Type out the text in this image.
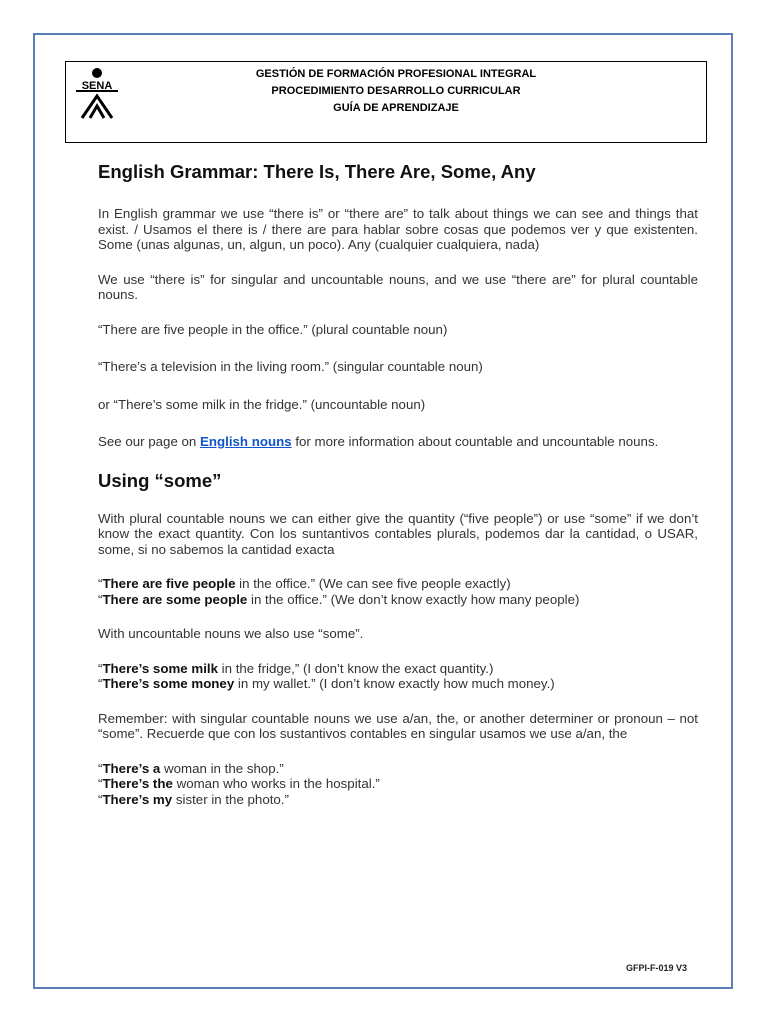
SENA
GESTIÓN DE FORMACIÓN PROFESIONAL INTEGRAL
PROCEDIMIENTO DESARROLLO CURRICULAR
GUÍA DE APRENDIZAJE
English Grammar: There Is, There Are, Some, Any

In English grammar we use “there is” or “there are” to talk about things we can see and things that exist. / Usamos el there is / there are para hablar sobre cosas que podemos ver y que existenten. Some (unas algunas, un, algun, un poco). Any (cualquier cualquiera, nada)

We use “there is” for singular and uncountable nouns, and we use “there are” for plural countable nouns.

“There are five people in the office.” (plural countable noun)

“There’s a television in the living room.” (singular countable noun)

or “There’s some milk in the fridge.” (uncountable noun)

See our page on English nouns for more information about countable and uncountable nouns.

Using “some”

With plural countable nouns we can either give the quantity (“five people”) or use “some” if we don’t know the exact quantity. Con los suntantivos contables plurals, podemos dar la cantidad, o USAR, some, si no sabemos la cantidad exacta

“There are five people in the office.” (We can see five people exactly)
“There are some people in the office.” (We don’t know exactly how many people)

With uncountable nouns we also use “some”.

“There’s some milk in the fridge,” (I don’t know the exact quantity.)
“There’s some money in my wallet.” (I don’t know exactly how much money.)

Remember: with singular countable nouns we use a/an, the, or another determiner or pronoun – not “some”. Recuerde que con los sustantivos contables en singular usamos we use a/an, the

“There’s a woman in the shop.”
“There’s the woman who works in the hospital.”
“There’s my sister in the photo.”

GFPI-F-019 V3
